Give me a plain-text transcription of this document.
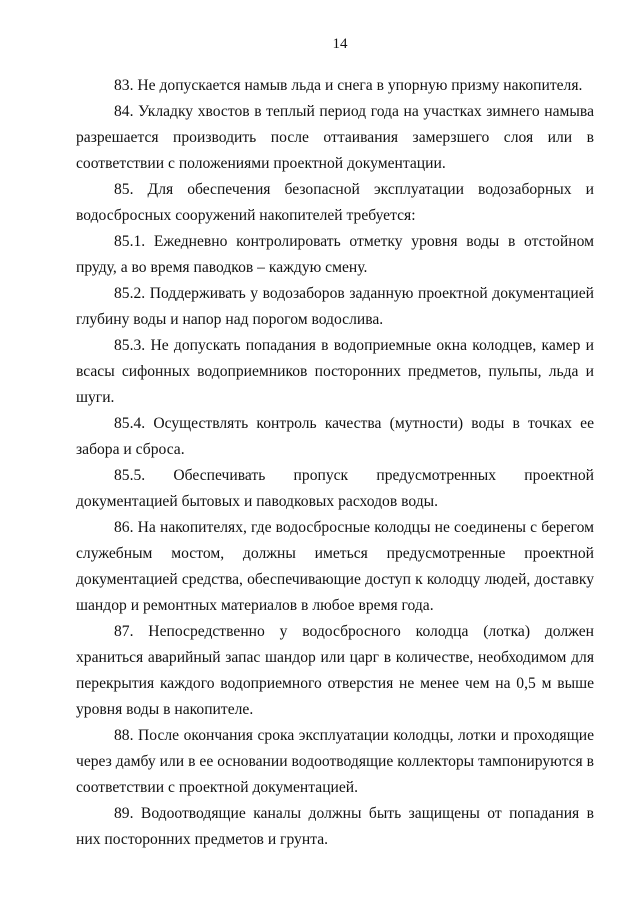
14

83. Не допускается намыв льда и снега в упорную призму накопителя.

84. Укладку хвостов в теплый период года на участках зимнего намыва разрешается производить после оттаивания замерзшего слоя или в соответствии с положениями проектной документации.

85. Для обеспечения безопасной эксплуатации водозаборных и водосбросных сооружений накопителей требуется:

85.1. Ежедневно контролировать отметку уровня воды в отстойном пруду, а во время паводков – каждую смену.

85.2. Поддерживать у водозаборов заданную проектной документацией глубину воды и напор над порогом водослива.

85.3. Не допускать попадания в водоприемные окна колодцев, камер и всасы сифонных водоприемников посторонних предметов, пульпы, льда и шуги.

85.4. Осуществлять контроль качества (мутности) воды в точках ее забора и сброса.

85.5. Обеспечивать пропуск предусмотренных проектной документацией бытовых и паводковых расходов воды.

86. На накопителях, где водосбросные колодцы не соединены с берегом служебным мостом, должны иметься предусмотренные проектной документацией средства, обеспечивающие доступ к колодцу людей, доставку шандор и ремонтных материалов в любое время года.

87. Непосредственно у водосбросного колодца (лотка) должен храниться аварийный запас шандор или царг в количестве, необходимом для перекрытия каждого водоприемного отверстия не менее чем на 0,5 м выше уровня воды в накопителе.

88. После окончания срока эксплуатации колодцы, лотки и проходящие через дамбу или в ее основании водоотводящие коллекторы тампонируются в соответствии с проектной документацией.

89. Водоотводящие каналы должны быть защищены от попадания в них посторонних предметов и грунта.
